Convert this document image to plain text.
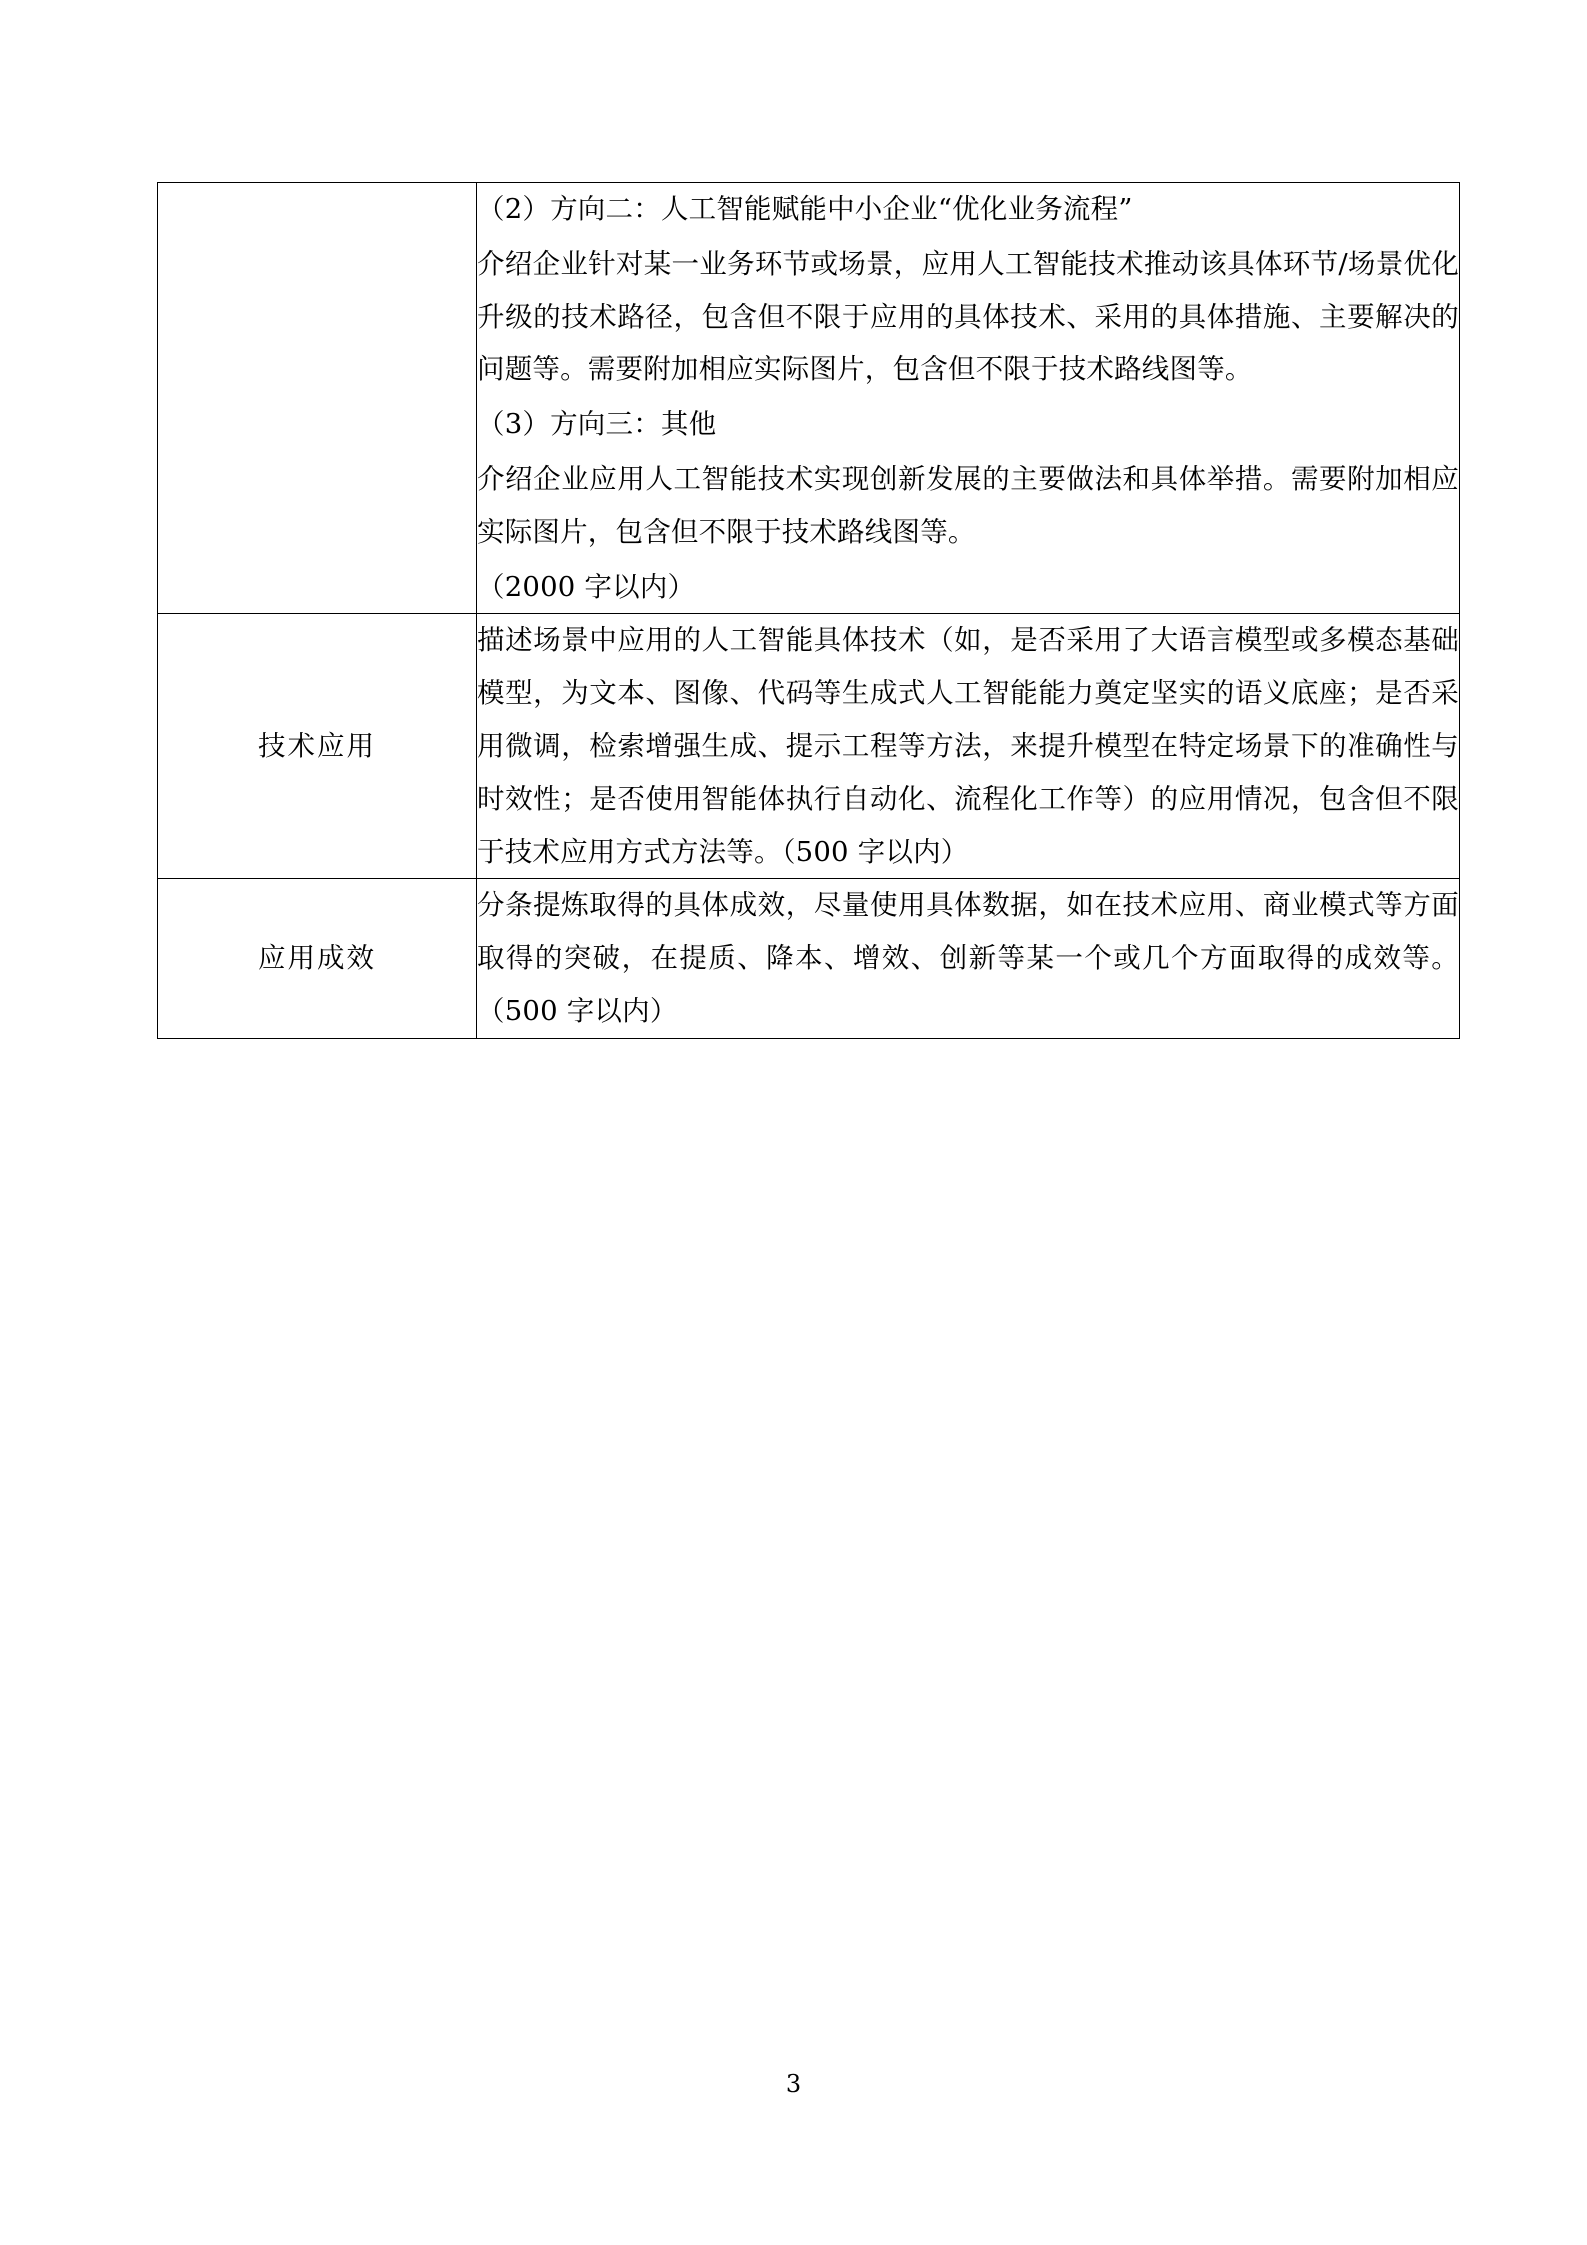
	（2）方向二：人工智能赋能中小企业“优化业务流程”

介绍企业针对某一业务环节或场景，应用人工智能技术推动该具体环节/场景优化升级的技术路径，包含但不限于应用的具体技术、采用的具体措施、主要解决的问题等。需要附加相应实际图片，包含但不限于技术路线图等。

（3）方向三：其他

介绍企业应用人工智能技术实现创新发展的主要做法和具体举措。需要附加相应实际图片，包含但不限于技术路线图等。

（2000 字以内）

技术应用	描述场景中应用的人工智能具体技术（如，是否采用了大语言模型或多模态基础模型，为文本、图像、代码等生成式人工智能能力奠定坚实的语义底座；是否采用微调，检索增强生成、提示工程等方法，来提升模型在特定场景下的准确性与时效性；是否使用智能体执行自动化、流程化工作等）的应用情况，包含但不限于技术应用方式方法等。（500 字以内）

应用成效	分条提炼取得的具体成效，尽量使用具体数据，如在技术应用、商业模式等方面取得的突破，在提质、降本、增效、创新等某一个或几个方面取得的成效等。（500 字以内）

3
